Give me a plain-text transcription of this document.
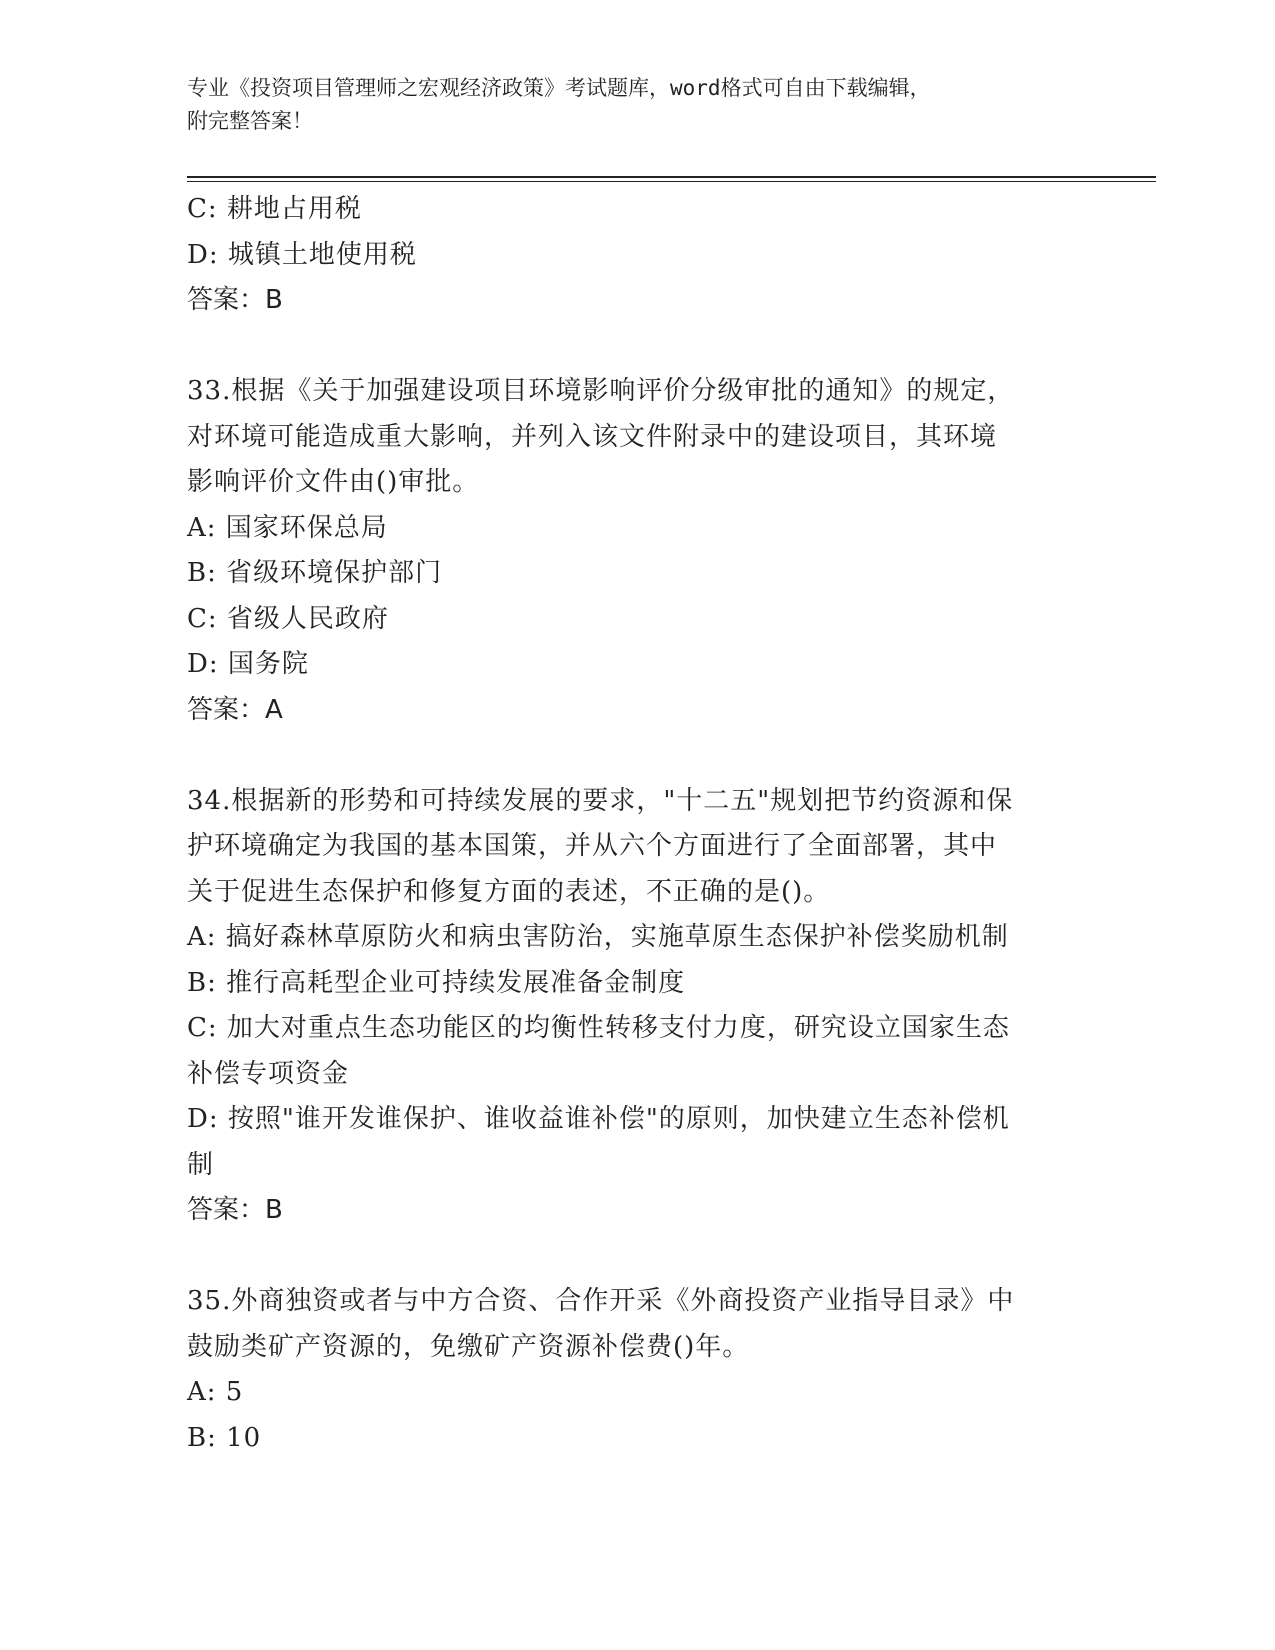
专业《投资项目管理师之宏观经济政策》考试题库，word格式可自由下载编辑，
附完整答案！
C: 耕地占用税
D: 城镇土地使用税
答案：B
33.根据《关于加强建设项目环境影响评价分级审批的通知》的规定，
对环境可能造成重大影响，并列入该文件附录中的建设项目，其环境
影响评价文件由()审批。
A: 国家环保总局
B: 省级环境保护部门
C: 省级人民政府
D: 国务院
答案：A
34.根据新的形势和可持续发展的要求，"十二五"规划把节约资源和保
护环境确定为我国的基本国策，并从六个方面进行了全面部署，其中
关于促进生态保护和修复方面的表述，不正确的是()。
A: 搞好森林草原防火和病虫害防治，实施草原生态保护补偿奖励机制
B: 推行高耗型企业可持续发展准备金制度
C: 加大对重点生态功能区的均衡性转移支付力度，研究设立国家生态
补偿专项资金
D: 按照"谁开发谁保护、谁收益谁补偿"的原则，加快建立生态补偿机
制
答案：B
35.外商独资或者与中方合资、合作开采《外商投资产业指导目录》中
鼓励类矿产资源的，免缴矿产资源补偿费()年。
A: 5
B: 10
